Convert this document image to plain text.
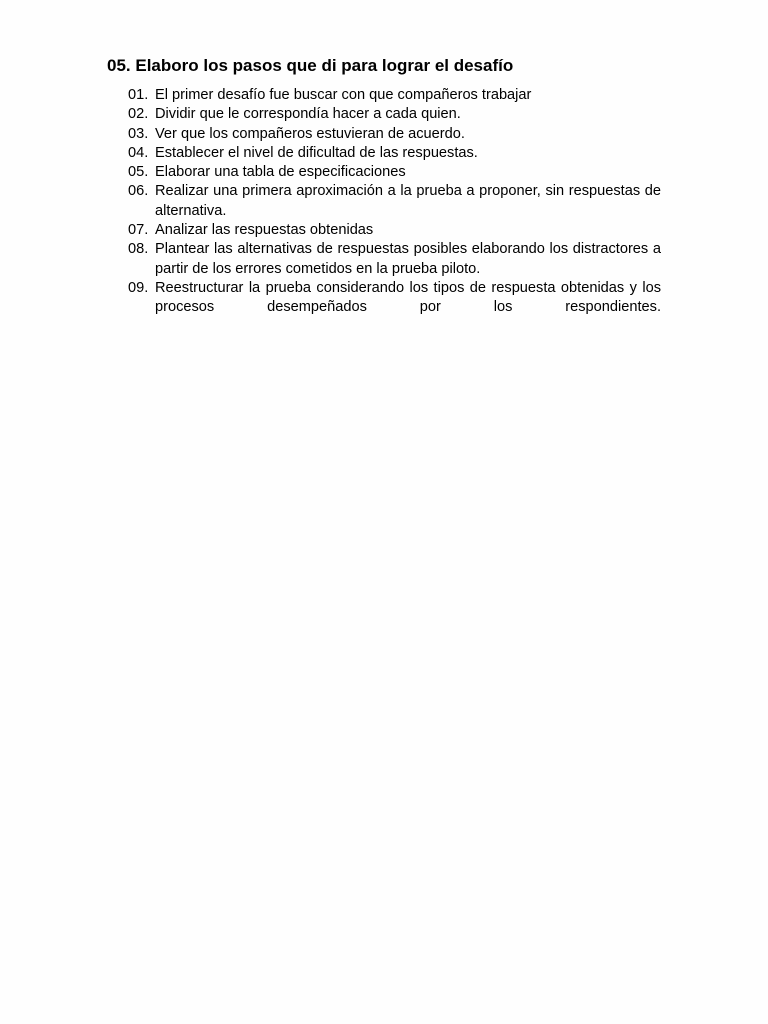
05. Elaboro los pasos que di para lograr el desafío
01. El primer desafío fue buscar con que compañeros trabajar
02. Dividir que le correspondía hacer a cada quien.
03. Ver que los compañeros estuvieran de acuerdo.
04. Establecer el nivel de dificultad de las respuestas.
05. Elaborar una tabla de especificaciones
06. Realizar una primera aproximación a la prueba a proponer, sin respuestas de alternativa.
07. Analizar las respuestas obtenidas
08. Plantear las alternativas de respuestas posibles elaborando los distractores a partir de los errores cometidos en la prueba piloto.
09. Reestructurar la prueba considerando los tipos de respuesta obtenidas y los procesos desempeñados por los respondientes.
